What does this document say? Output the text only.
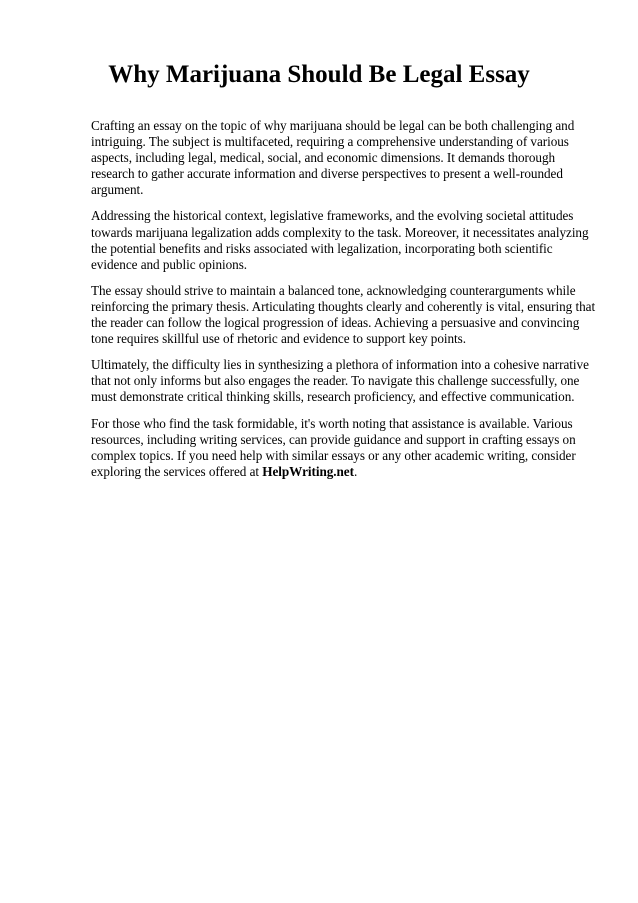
Why Marijuana Should Be Legal Essay

Crafting an essay on the topic of why marijuana should be legal can be both challenging and intriguing. The subject is multifaceted, requiring a comprehensive understanding of various aspects, including legal, medical, social, and economic dimensions. It demands thorough research to gather accurate information and diverse perspectives to present a well-rounded argument.

Addressing the historical context, legislative frameworks, and the evolving societal attitudes towards marijuana legalization adds complexity to the task. Moreover, it necessitates analyzing the potential benefits and risks associated with legalization, incorporating both scientific evidence and public opinions.

The essay should strive to maintain a balanced tone, acknowledging counterarguments while reinforcing the primary thesis. Articulating thoughts clearly and coherently is vital, ensuring that the reader can follow the logical progression of ideas. Achieving a persuasive and convincing tone requires skillful use of rhetoric and evidence to support key points.

Ultimately, the difficulty lies in synthesizing a plethora of information into a cohesive narrative that not only informs but also engages the reader. To navigate this challenge successfully, one must demonstrate critical thinking skills, research proficiency, and effective communication.

For those who find the task formidable, it's worth noting that assistance is available. Various resources, including writing services, can provide guidance and support in crafting essays on complex topics. If you need help with similar essays or any other academic writing, consider exploring the services offered at HelpWriting.net.
